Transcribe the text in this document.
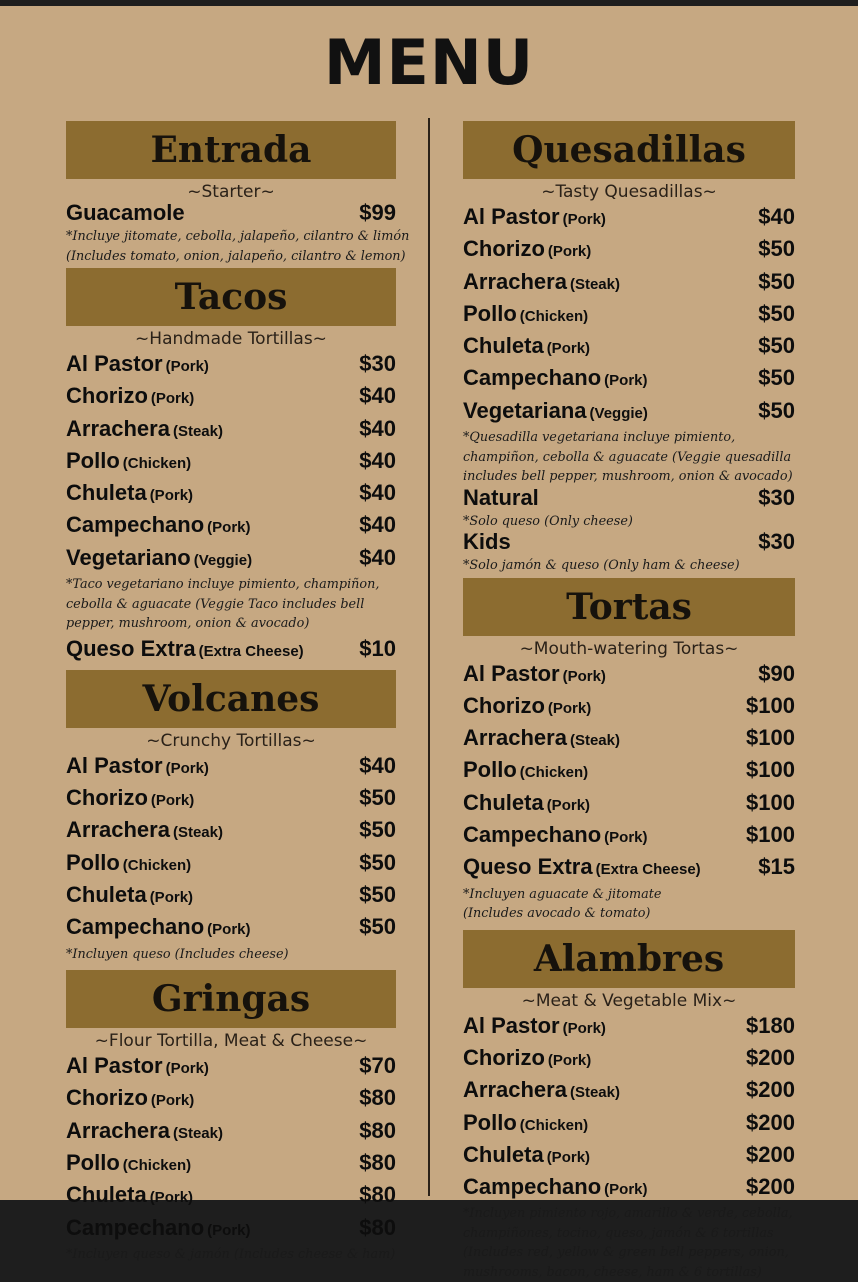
MENU
Entrada
~Starter~
Guacamole	$99
*Incluye jitomate, cebolla, jalapeño, cilantro & limón
(Includes tomato, onion, jalapeño, cilantro & lemon)
Tacos
~Handmade Tortillas~
Al Pastor (Pork)	$30
Chorizo (Pork)	$40
Arrachera (Steak)	$40
Pollo (Chicken)	$40
Chuleta (Pork)	$40
Campechano (Pork)	$40
Vegetariano (Veggie)	$40
*Taco vegetariano incluye pimiento, champiñon,
cebolla & aguacate (Veggie Taco includes bell
pepper, mushroom, onion & avocado)
Queso Extra (Extra Cheese)	$10
Volcanes
~Crunchy Tortillas~
Al Pastor (Pork)	$40
Chorizo (Pork)	$50
Arrachera (Steak)	$50
Pollo (Chicken)	$50
Chuleta (Pork)	$50
Campechano (Pork)	$50
*Incluyen queso (Includes cheese)
Gringas
~Flour Tortilla, Meat & Cheese~
Al Pastor (Pork)	$70
Chorizo (Pork)	$80
Arrachera (Steak)	$80
Pollo (Chicken)	$80
Chuleta (Pork)	$80
Campechano (Pork)	$80
*Incluyen queso & jamón (Includes cheese & ham)
Quesadillas
~Tasty Quesadillas~
Al Pastor (Pork)	$40
Chorizo (Pork)	$50
Arrachera (Steak)	$50
Pollo (Chicken)	$50
Chuleta (Pork)	$50
Campechano (Pork)	$50
Vegetariana (Veggie)	$50
*Quesadilla vegetariana incluye pimiento,
champiñon, cebolla & aguacate (Veggie quesadilla
includes bell pepper, mushroom, onion & avocado)
Natural	$30
*Solo queso (Only cheese)
Kids	$30
*Solo jamón & queso (Only ham & cheese)
Tortas
~Mouth-watering Tortas~
Al Pastor (Pork)	$90
Chorizo (Pork)	$100
Arrachera (Steak)	$100
Pollo (Chicken)	$100
Chuleta (Pork)	$100
Campechano (Pork)	$100
Queso Extra (Extra Cheese)	$15
*Incluyen aguacate & jitomate
(Includes avocado & tomato)
Alambres
~Meat & Vegetable Mix~
Al Pastor (Pork)	$180
Chorizo (Pork)	$200
Arrachera (Steak)	$200
Pollo (Chicken)	$200
Chuleta (Pork)	$200
Campechano (Pork)	$200
*Incluyen pimiento rojo, amarillo & verde, cebolla,
champiñones, tocino, queso, jamón & 6 tortillas
(Includes red, yellow & green bell peppers, onion,
mushrooms, bacon, cheese, ham & 6 tortillas)
